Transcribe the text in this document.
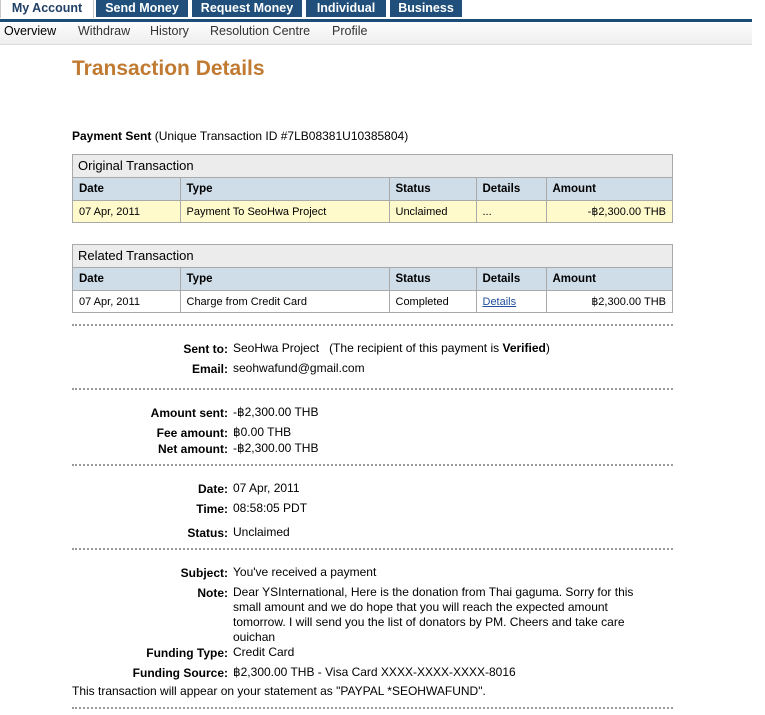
My Account	Send Money	Request Money	Individual	Business
Overview Withdraw History Resolution Centre Profile
Transaction Details
Payment Sent (Unique Transaction ID #7LB08381U10385804)
Original Transaction
Date	Type	Status	Details	Amount
07 Apr, 2011	Payment To SeoHwa Project	Unclaimed	...	-฿2,300.00 THB
Related Transaction
Date	Type	Status	Details	Amount
07 Apr, 2011	Charge from Credit Card	Completed	Details	฿2,300.00 THB
Sent to: SeoHwa Project (The recipient of this payment is Verified)
Email: seohwafund@gmail.com
Amount sent: -฿2,300.00 THB
Fee amount: ฿0.00 THB
Net amount: -฿2,300.00 THB
Date: 07 Apr, 2011
Time: 08:58:05 PDT
Status: Unclaimed
Subject: You've received a payment
Note: Dear YSInternational, Here is the donation from Thai gaguma. Sorry for this small amount and we do hope that you will reach the expected amount tomorrow. I will send you the list of donators by PM. Cheers and take care ouichan
Funding Type: Credit Card
Funding Source: ฿2,300.00 THB - Visa Card XXXX-XXXX-XXXX-8016
This transaction will appear on your statement as "PAYPAL *SEOHWAFUND".
